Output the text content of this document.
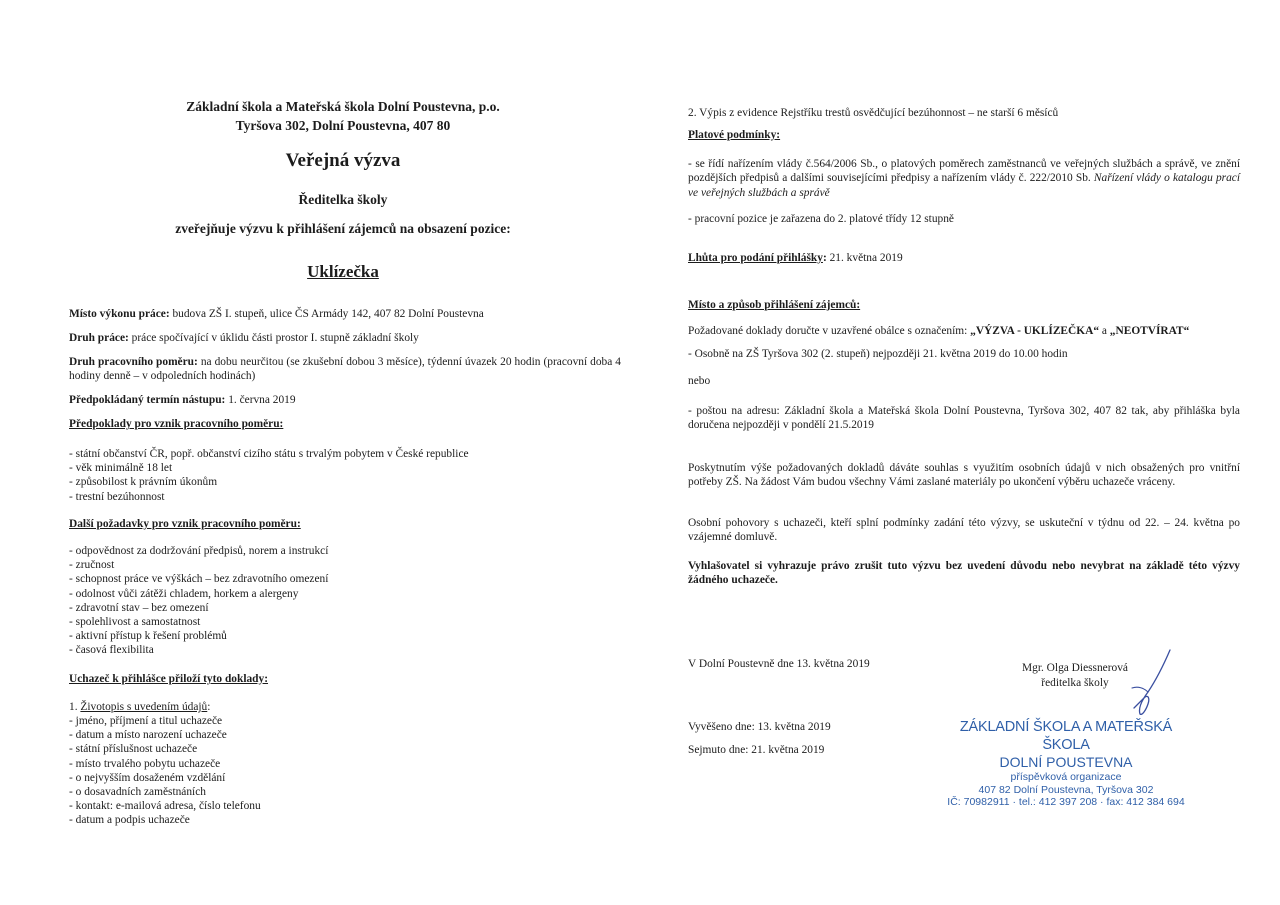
Základní škola a Mateřská škola Dolní Poustevna, p.o.

Tyršova 302, Dolní Poustevna, 407 80

Veřejná výzva

Ředitelka školy

zveřejňuje výzvu k přihlášení zájemců na obsazení pozice:

Uklízečka

Místo výkonu práce: budova ZŠ I. stupeň, ulice ČS Armády 142, 407 82 Dolní Poustevna

Druh práce: práce spočívající v úklidu části prostor I. stupně základní školy

Druh pracovního poměru: na dobu neurčitou (se zkušební dobou 3 měsíce), týdenní úvazek 20 hodin (pracovní doba 4 hodiny denně – v odpoledních hodinách)

Předpokládaný termín nástupu: 1. června 2019

Předpoklady pro vznik pracovního poměru:

- státní občanství ČR, popř. občanství cizího státu s trvalým pobytem v České republice
- věk minimálně 18 let
- způsobilost k právním úkonům
- trestní bezúhonnost

Další požadavky pro vznik pracovního poměru:

- odpovědnost za dodržování předpisů, norem a instrukcí
- zručnost
- schopnost práce ve výškách – bez zdravotního omezení
- odolnost vůči zátěži chladem, horkem a alergeny
- zdravotní stav – bez omezení
- spolehlivost a samostatnost
- aktivní přístup k řešení problémů
- časová flexibilita

Uchazeč k přihlášce přiloží tyto doklady:

1. Životopis s uvedením údajů:

- jméno, příjmení a titul uchazeče
- datum a místo narození uchazeče
- státní příslušnost uchazeče
- místo trvalého pobytu uchazeče
- o nejvyšším dosaženém vzdělání
- o dosavadních zaměstnáních
- kontakt: e-mailová adresa, číslo telefonu
- datum a podpis uchazeče

2. Výpis z evidence Rejstříku trestů osvědčující bezúhonnost – ne starší 6 měsíců

Platové podmínky:

- se řídí nařízením vlády č.564/2006 Sb., o platových poměrech zaměstnanců ve veřejných službách a správě, ve znění pozdějších předpisů a dalšími souvisejícími předpisy a nařízením vlády č. 222/2010 Sb. Nařízení vlády o katalogu prací ve veřejných službách a správě

- pracovní pozice je zařazena do 2. platové třídy 12 stupně

Lhůta pro podání přihlášky: 21. května 2019

Místo a způsob přihlášení zájemců:

Požadované doklady doručte v uzavřené obálce s označením: „VÝZVA - UKLÍZEČKA“ a „NEOTVÍRAT“

- Osobně na ZŠ Tyršova 302 (2. stupeň) nejpozději 21. května 2019 do 10.00 hodin

nebo

- poštou na adresu: Základní škola a Mateřská škola Dolní Poustevna, Tyršova 302, 407 82 tak, aby přihláška byla doručena nejpozději v pondělí 21.5.2019

Poskytnutím výše požadovaných dokladů dáváte souhlas s využitím osobních údajů v nich obsažených pro vnitřní potřeby ZŠ. Na žádost Vám budou všechny Vámi zaslané materiály po ukončení výběru uchazeče vráceny.

Osobní pohovory s uchazeči, kteří splní podmínky zadání této výzvy, se uskuteční v týdnu od 22. – 24. května po vzájemné domluvě.

Vyhlašovatel si vyhrazuje právo zrušit tuto výzvu bez uvedení důvodu nebo nevybrat na základě této výzvy žádného uchazeče.

V Dolní Poustevně dne 13. května 2019	Mgr. Olga Diessnerová

ředitelka školy

Vyvěšeno dne: 13. května 2019

Sejmuto dne: 21. května 2019

ZÁKLADNÍ ŠKOLA A MATEŘSKÁ ŠKOLA
DOLNÍ POUSTEVNA
příspěvková organizace
407 82 Dolní Poustevna, Tyršova 302
IČ: 70982911 · tel.: 412 397 208 · fax: 412 384 694
